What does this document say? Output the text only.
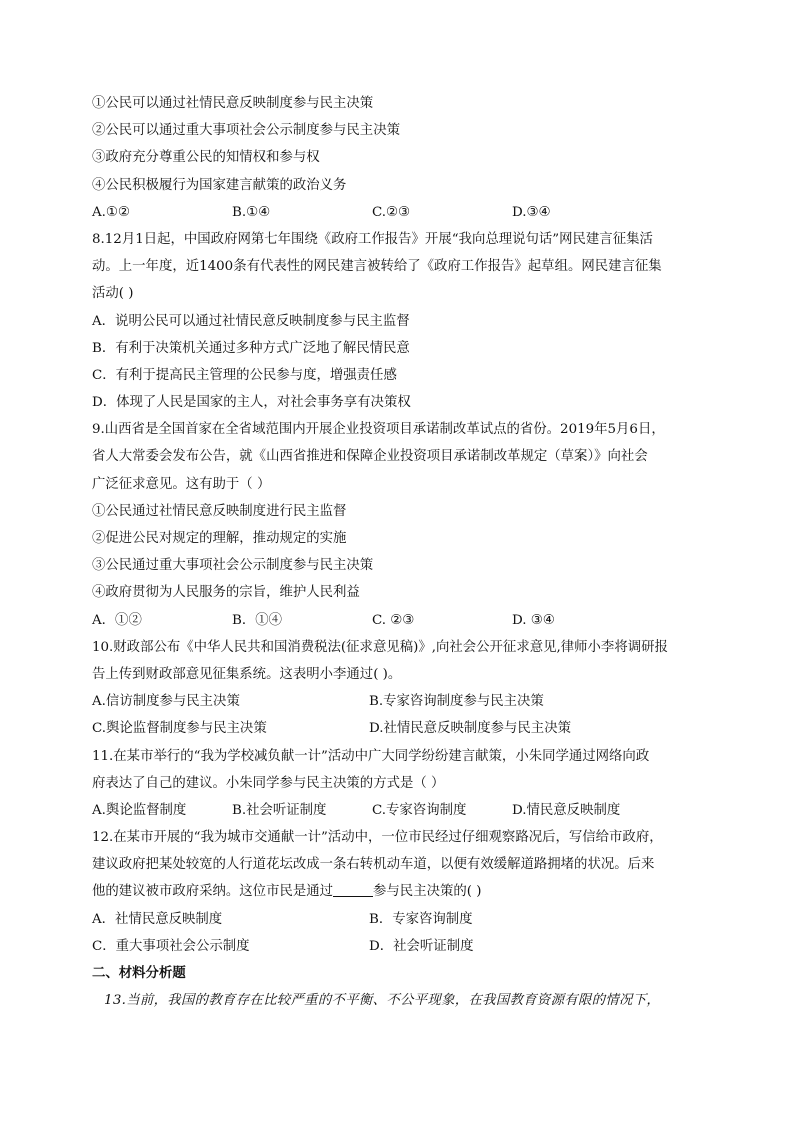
①公民可以通过社情民意反映制度参与民主决策
②公民可以通过重大事项社会公示制度参与民主决策
③政府充分尊重公民的知情权和参与权
④公民积极履行为国家建言献策的政治义务
A.①②	B.①④	C.②③	D.③④
8.12月1日起，中国政府网第七年围绕《政府工作报告》开展“我向总理说句话”网民建言征集活
动。上一年度，近1400条有代表性的网民建言被转给了《政府工作报告》起草组。网民建言征集
活动( )
A．说明公民可以通过社情民意反映制度参与民主监督
B．有利于决策机关通过多种方式广泛地了解民情民意
C．有利于提高民主管理的公民参与度，增强责任感
D．体现了人民是国家的主人，对社会事务享有决策权
9.山西省是全国首家在全省域范围内开展企业投资项目承诺制改革试点的省份。2019年5月6日，
省人大常委会发布公告，就《山西省推进和保障企业投资项目承诺制改革规定（草案）》向社会
广泛征求意见。这有助于（ ）
①公民通过社情民意反映制度进行民主监督
②促进公民对规定的理解，推动规定的实施
③公民通过重大事项社会公示制度参与民主决策
④政府贯彻为人民服务的宗旨，维护人民利益
A．①②	B．①④	C. ②③	D. ③④
10.财政部公布《中华人民共和国消费税法(征求意见稿)》,向社会公开征求意见,律师小李将调研报
告上传到财政部意见征集系统。这表明小李通过( )。
A.信访制度参与民主决策	B.专家咨询制度参与民主决策
C.舆论监督制度参与民主决策	D.社情民意反映制度参与民主决策
11.在某市举行的“我为学校减负献一计”活动中广大同学纷纷建言献策，小朱同学通过网络向政
府表达了自己的建议。小朱同学参与民主决策的方式是（ ）
A.舆论监督制度	B.社会听证制度	C.专家咨询制度	D.情民意反映制度
12.在某市开展的“我为城市交通献一计”活动中，一位市民经过仔细观察路况后，写信给市政府，
建议政府把某处较宽的人行道花坛改成一条右转机动车道，以便有效缓解道路拥堵的状况。后来
他的建议被市政府采纳。这位市民是通过	参与民主决策的( )
A．社情民意反映制度	B．专家咨询制度
C．重大事项社会公示制度	D．社会听证制度
二、材料分析题
13.当前，我国的教育存在比较严重的不平衡、不公平现象，在我国教育资源有限的情况下，
